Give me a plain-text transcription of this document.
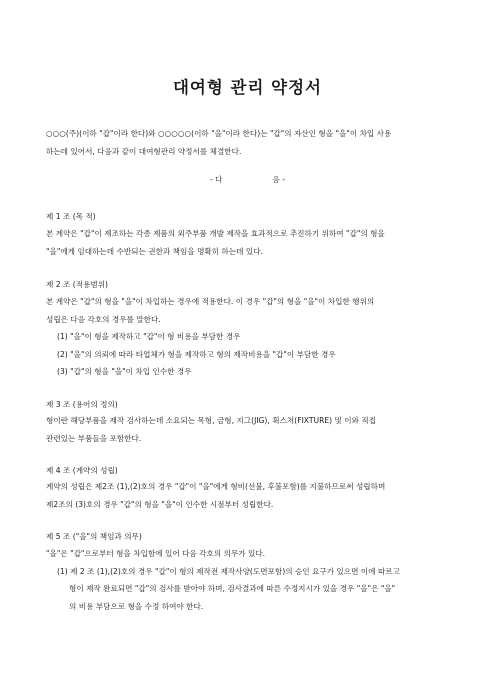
대여형 관리 약정서
○○○(주)(이하 "갑"이라 한다)와 ○○○○○(이하 "을"이라 한다)는 "갑"의 자산인 형을 "을"이 차입 사용
하는데 있어서, 다음과 같이 대여형관리 약정서를 체결한다.

- 다	음 -

제 1 조 (목 적)

본 계약은 "갑"이 제조하는 각종 제품의 외주부품 개발 제작을 효과적으로 추진하기 위하여 "갑"의 형을
"을"에게 임대하는데 수반되는 권한과 책임을 명확히 하는데 있다.

제 2 조 (적용범위)

본 계약은 "갑"의 형을 "을"이 차입하는 경우에 적용한다. 이 경우 "갑"의 형을 "을"이 차입한 행위의
성립은 다음 각호의 경우를 말한다.
(1) "을"이 형을 제작하고 "갑"이 형 비용을 부담한 경우
(2) "을"의 의뢰에 따라 타업체가 형을 제작하고 형의 제작비용을 "갑"이 부담한 경우
(3) "갑"의 형을 "을"이 차입 인수한 경우

제 3 조 (용어의 정의)

형이란 해당부품을 제작 검사하는데 소요되는 목형, 금형, 지그(JIG), 휙스쳐(FIXTURE) 및 이와 직접
관련있는 부품들을 포함한다.

제 4 조 (계약의 성립)

계약의 성립은 제2조 (1),(2)호의 경우 "갑"이 "을"에게 형비(선불, 후불포함)를 지불하므로써 성립하며
제2조의 (3)호의 경우 "갑"의 형을 "을"이 인수한 시점부터 성립한다.

제 5 조 ("을"의 책임과 의무)

"을"은 "갑"으로부터 형을 차입함에 있어 다음 각호의 의무가 있다.
(1) 제 2 조 (1),(2)호의 경우 "갑"이 형의 제작전 제작사양(도면포함)의 승인 요구가 있으면 이에 따르고
형이 제작 완료되면 "갑"의 검사를 받아야 하며, 검사결과에 따른 수정지시가 있을 경우 "을"은 "을"
의 비용 부담으로 형을 수정 하여야 한다.
